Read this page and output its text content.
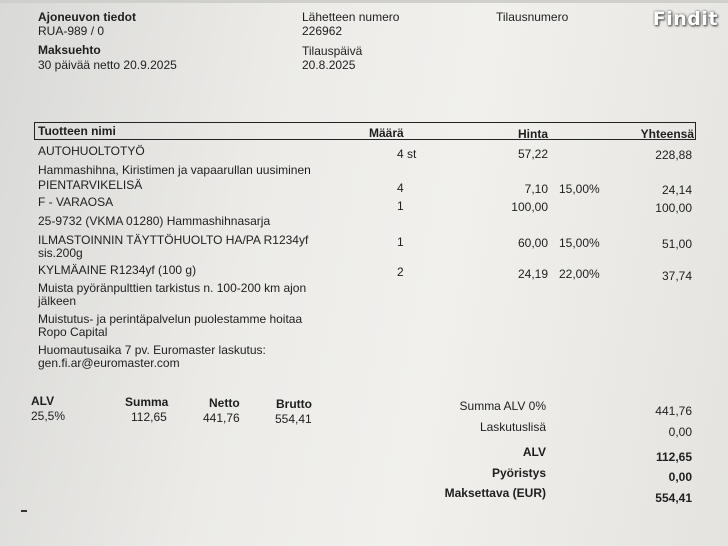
Findit
Ajoneuvon tiedot
RUA-989 / 0
Lähetteen numero
226962
Tilausnumero
Maksuehto
30 päivää netto 20.9.2025
Tilauspäivä
20.8.2025
Tuotteen nimi	Määrä	Hinta	Yhteensä
AUTOHUOLTOTYÖ	4 st	57,22	228,88
Hammashihna, Kiristimen ja vapaarullan uusiminen
PIENTARVIKELISÄ	4	7,10 15,00%	24,14
F - VARAOSA	1	100,00	100,00
25-9732 (VKMA 01280) Hammashihnasarja
ILMASTOINNIN TÄYTTÖHUOLTO HA/PA R1234yf	1	60,00 15,00%	51,00
sis.200g
KYLMÄAINE R1234yf (100 g)	2	24,19 22,00%	37,74
Muista pyöränpulttien tarkistus n. 100-200 km ajon
jälkeen
Muistutus- ja perintäpalvelun puolestamme hoitaa
Ropo Capital
Huomautusaika 7 pv. Euromaster laskutus:
gen.fi.ar@euromaster.com
ALV	Summa	Netto	Brutto
25,5%	112,65	441,76	554,41
Summa ALV 0%	441,76
Laskutuslisä	0,00
ALV	112,65
Pyöristys	0,00
Maksettava (EUR)	554,41
